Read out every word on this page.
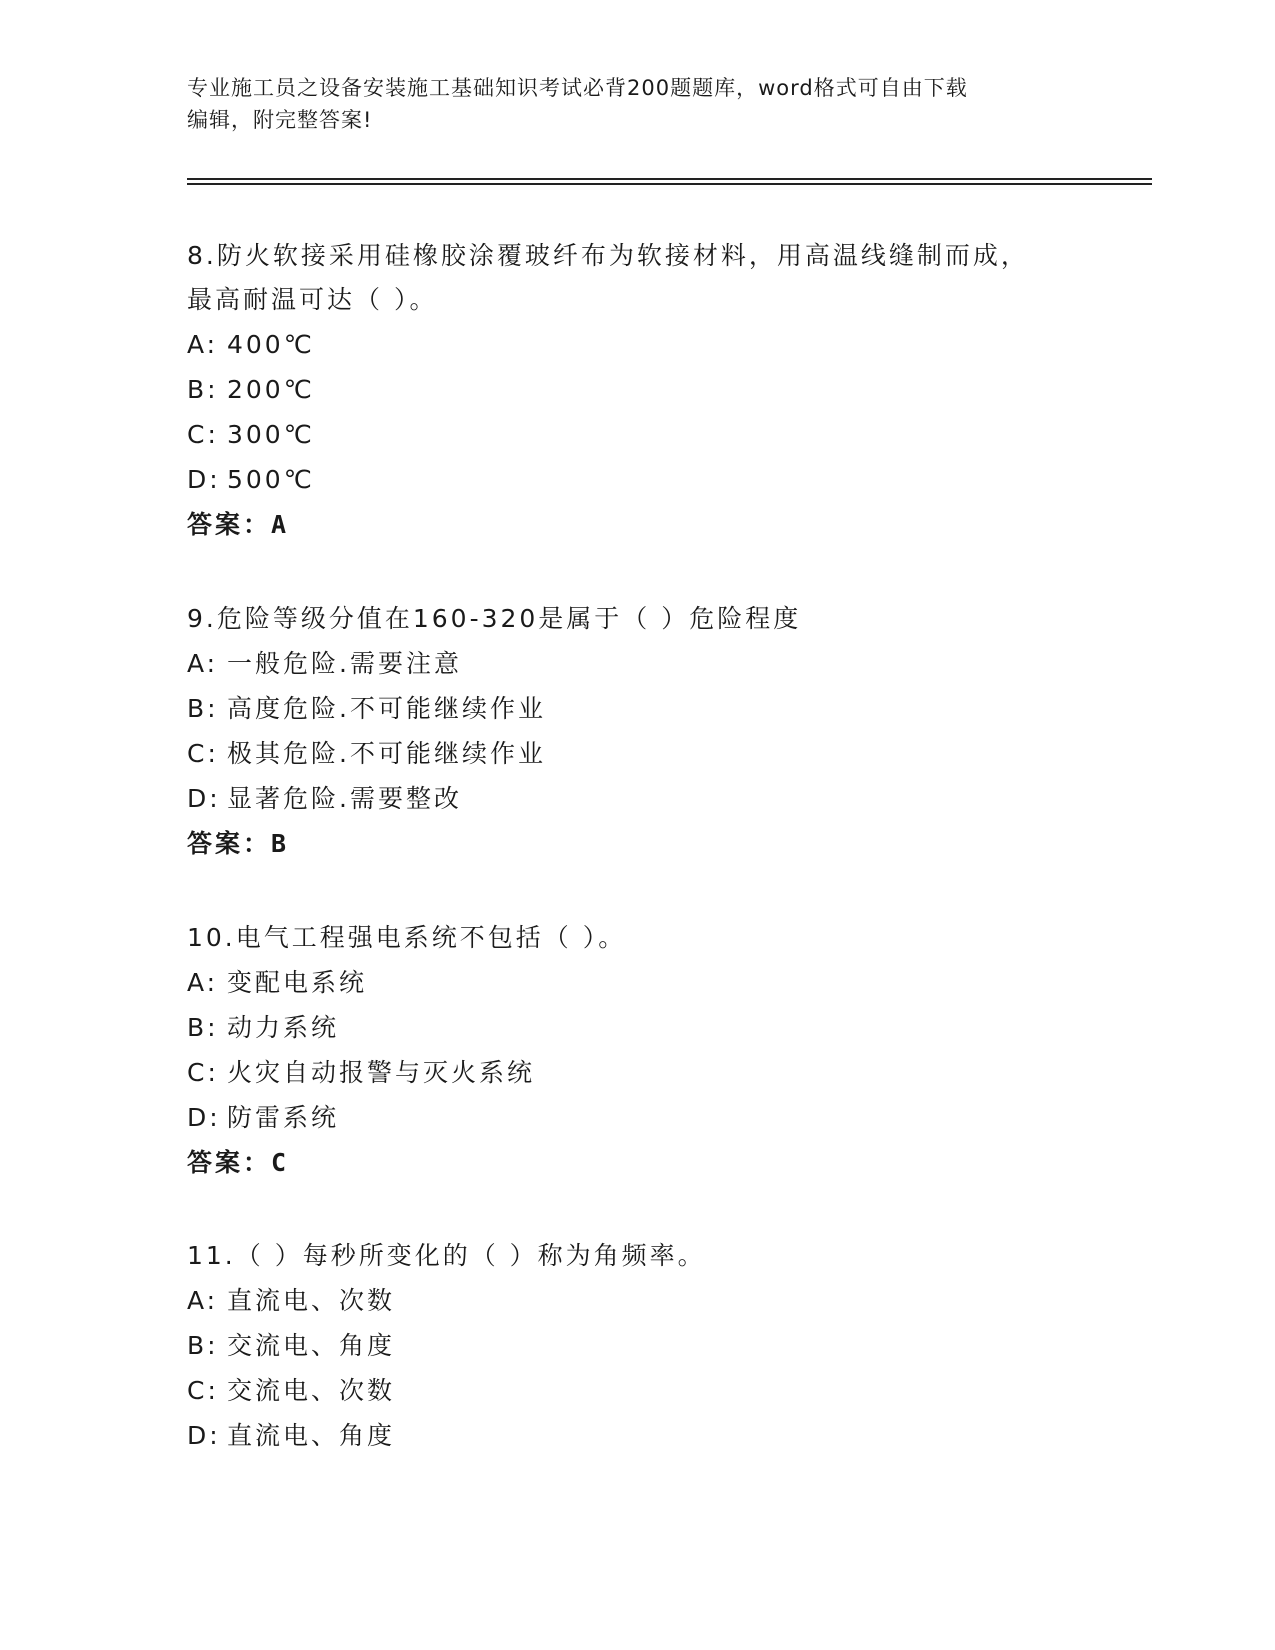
专业施工员之设备安装施工基础知识考试必背200题题库，word格式可自由下载
编辑，附完整答案!
8.防火软接采用硅橡胶涂覆玻纤布为软接材料，用高温线缝制而成，
最高耐温可达（ ）。
A: 400℃
B: 200℃
C: 300℃
D: 500℃
答案：A
9.危险等级分值在160-320是属于（ ）危险程度
A: 一般危险.需要注意
B: 高度危险.不可能继续作业
C: 极其危险.不可能继续作业
D: 显著危险.需要整改
答案：B
10.电气工程强电系统不包括（ ）。
A: 变配电系统
B: 动力系统
C: 火灾自动报警与灭火系统
D: 防雷系统
答案：C
11.（ ）每秒所变化的（ ）称为角频率。
A: 直流电、次数
B: 交流电、角度
C: 交流电、次数
D: 直流电、角度
